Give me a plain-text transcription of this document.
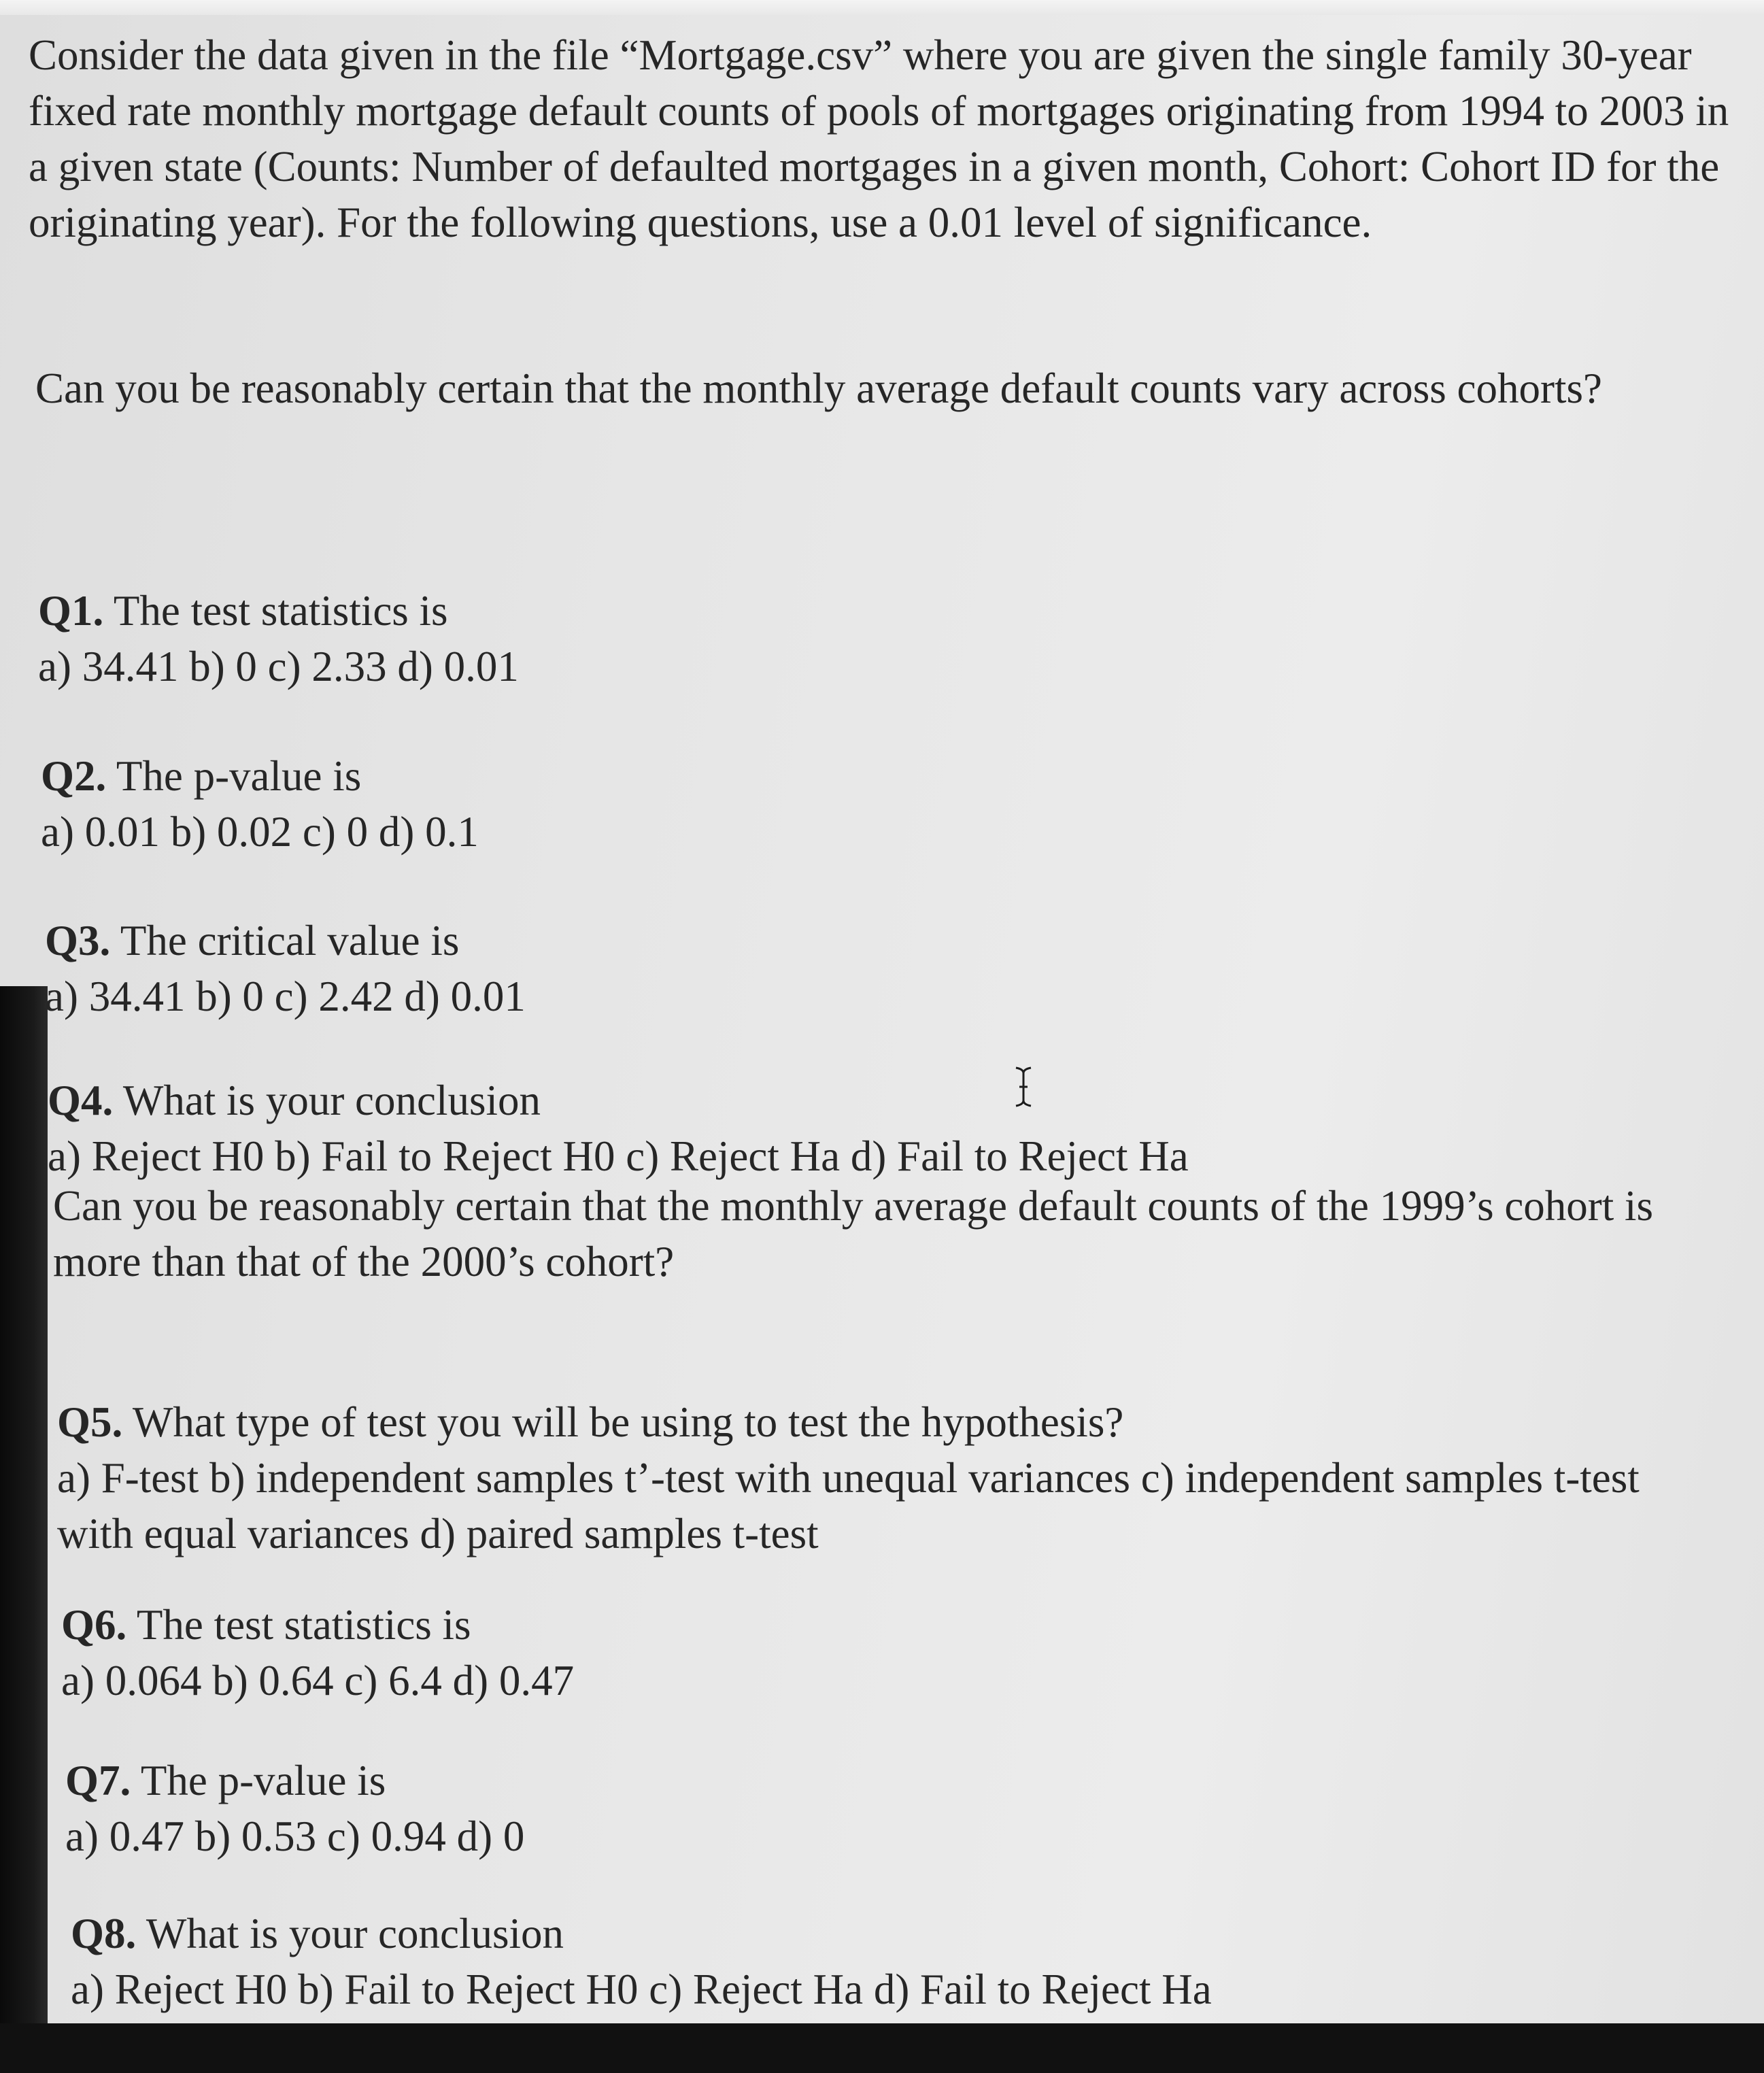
Consider the data given in the file “Mortgage.csv” where you are given the single family 30-year fixed rate monthly mortgage default counts of pools of mortgages originating from 1994 to 2003 in a given state (Counts: Number of defaulted mortgages in a given month, Cohort: Cohort ID for the originating year). For the following questions, use a 0.01 level of significance.

Can you be reasonably certain that the monthly average default counts vary across cohorts?

Q1. The test statistics is

a) 34.41 b) 0 c) 2.33 d) 0.01

Q2. The p-value is

a) 0.01 b) 0.02 c) 0 d) 0.1

Q3. The critical value is

a) 34.41 b) 0 c) 2.42 d) 0.01

Q4. What is your conclusion

a) Reject H0 b) Fail to Reject H0 c) Reject Ha d) Fail to Reject Ha

Can you be reasonably certain that the monthly average default counts of the 1999’s cohort is more than that of the 2000’s cohort?

Q5. What type of test you will be using to test the hypothesis?

a) F-test b) independent samples t’-test with unequal variances c) independent samples t-test with equal variances d) paired samples t-test

Q6. The test statistics is

a) 0.064 b) 0.64 c) 6.4 d) 0.47

Q7. The p-value is

a) 0.47 b) 0.53 c) 0.94 d) 0

Q8. What is your conclusion

a) Reject H0 b) Fail to Reject H0 c) Reject Ha d) Fail to Reject Ha
